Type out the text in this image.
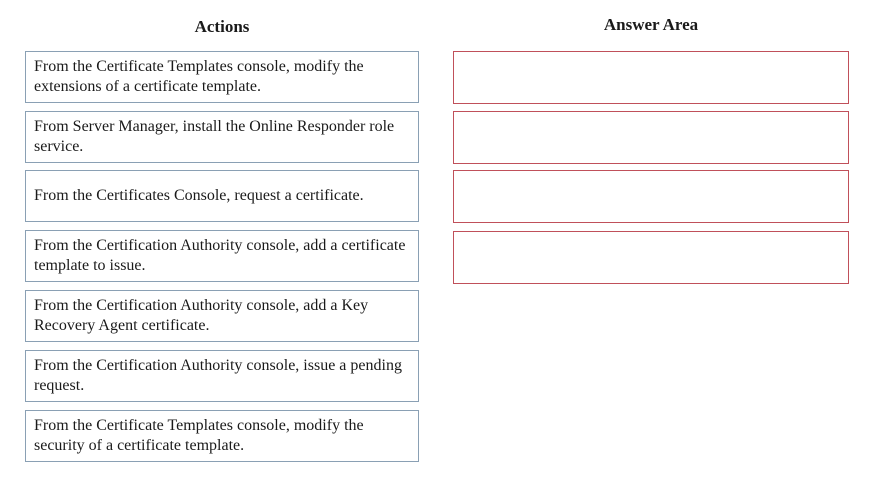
Actions	Answer Area
From the Certificate Templates console, modify the extensions of a certificate template.
From Server Manager, install the Online Responder role service.
From the Certificates Console, request a certificate.
From the Certification Authority console, add a certificate template to issue.
From the Certification Authority console, add a Key Recovery Agent certificate.
From the Certification Authority console, issue a pending request.
From the Certificate Templates console, modify the security of a certificate template.
